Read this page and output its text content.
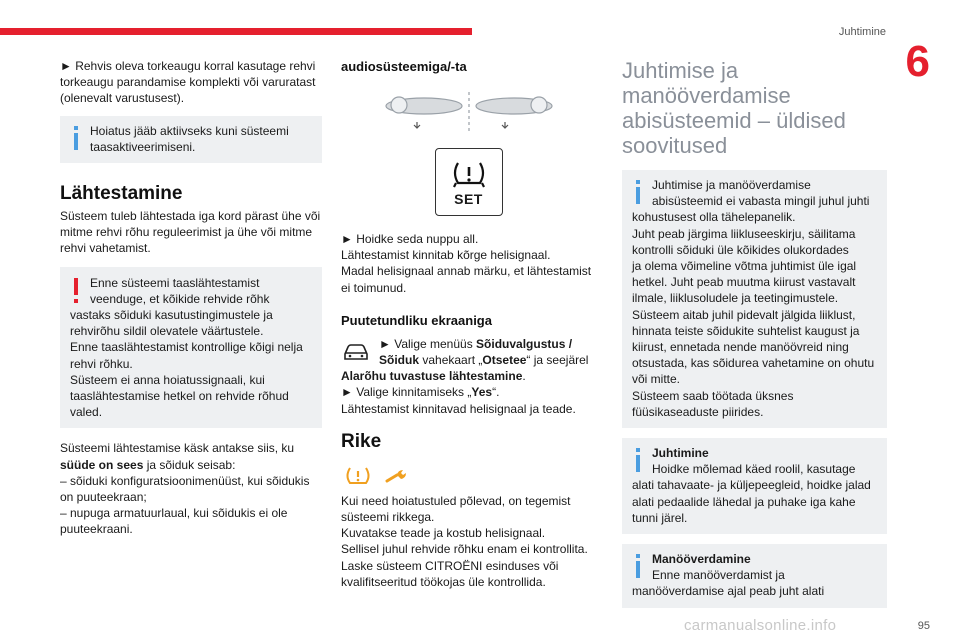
Juhtimine
6

► Rehvis oleva torkeaugu korral kasutage rehvi torkeaugu parandamise komplekti või varuratast (olenevalt varustusest).

Hoiatus jääb aktiivseks kuni süsteemi taasaktiveerimiseni.

Lähtestamine

Süsteem tuleb lähtestada iga kord pärast ühe või mitme rehvi rõhu reguleerimist ja ühe või mitme rehvi vahetamist.

Enne süsteemi taaslähtestamist

veenduge, et kõikide rehvide rõhk

vastaks sõiduki kasutustingimustele ja

rehvirõhu sildil olevatele väärtustele.

Enne taaslähtestamist kontrollige kõigi nelja

rehvi rõhku.

Süsteem ei anna hoiatussignaali, kui

taaslähtestamise hetkel on rehvide rõhud

valed.

Süsteemi lähtestamise käsk antakse siis, ku
süüde on sees ja sõiduk seisab:

– sõiduki konfiguratsioonimenüüst, kui sõidukis on puuteekraan;

– nupuga armatuurlaual, kui sõidukis ei ole puuteekraani.

audiosüsteemiga/-ta
SET

► Hoidke seda nuppu all.

Lähtestamist kinnitab kõrge helisignaal.

Madal helisignaal annab märku, et lähtestamist ei toimunud.

Puutetundliku ekraaniga

► Valige menüüs Sõiduvalgustus / Sõiduk vahekaart „Otsetee“ ja seejärel

Alarõhu tuvastuse lähtestamine.

► Valige kinnitamiseks „Yes“.

Lähtestamist kinnitavad helisignaal ja teade.

Rike

Kui need hoiatustuled põlevad, on tegemist süsteemi rikkega.
Kuvatakse teade ja kostub helisignaal.
Sellisel juhul rehvide rõhku enam ei kontrollita.
Laske süsteem CITROËNI esinduses või kvalifitseeritud töökojas üle kontrollida.

Juhtimise ja manööverdamise abisüsteemid – üldised soovitused

Juhtimise ja manööverdamise

abisüsteemid ei vabasta mingil juhul juhti

kohustusest olla tähelepanelik.

Juht peab järgima liikluseeskirju, säilitama

kontrolli sõiduki üle kõikides olukordades

ja olema võimeline võtma juhtimist üle igal

hetkel. Juht peab muutma kiirust vastavalt

ilmale, liiklusoludele ja teetingimustele.

Süsteem aitab juhil pidevalt jälgida liiklust,

hinnata teiste sõidukite suhtelist kaugust ja

kiirust, ennetada nende manöövreid ning

otsustada, kas sõidurea vahetamine on ohutu

või mitte.

Süsteem saab töötada üksnes

füüsikaseaduste piirides.

Juhtimine

Hoidke mõlemad käed roolil, kasutage

alati tahavaate- ja küljepeegleid, hoidke jalad

alati pedaalide lähedal ja puhake iga kahe

tunni järel.

Manööverdamine

Enne manööverdamist ja

manööverdamise ajal peab juht alati

carmanualsonline.info	95
